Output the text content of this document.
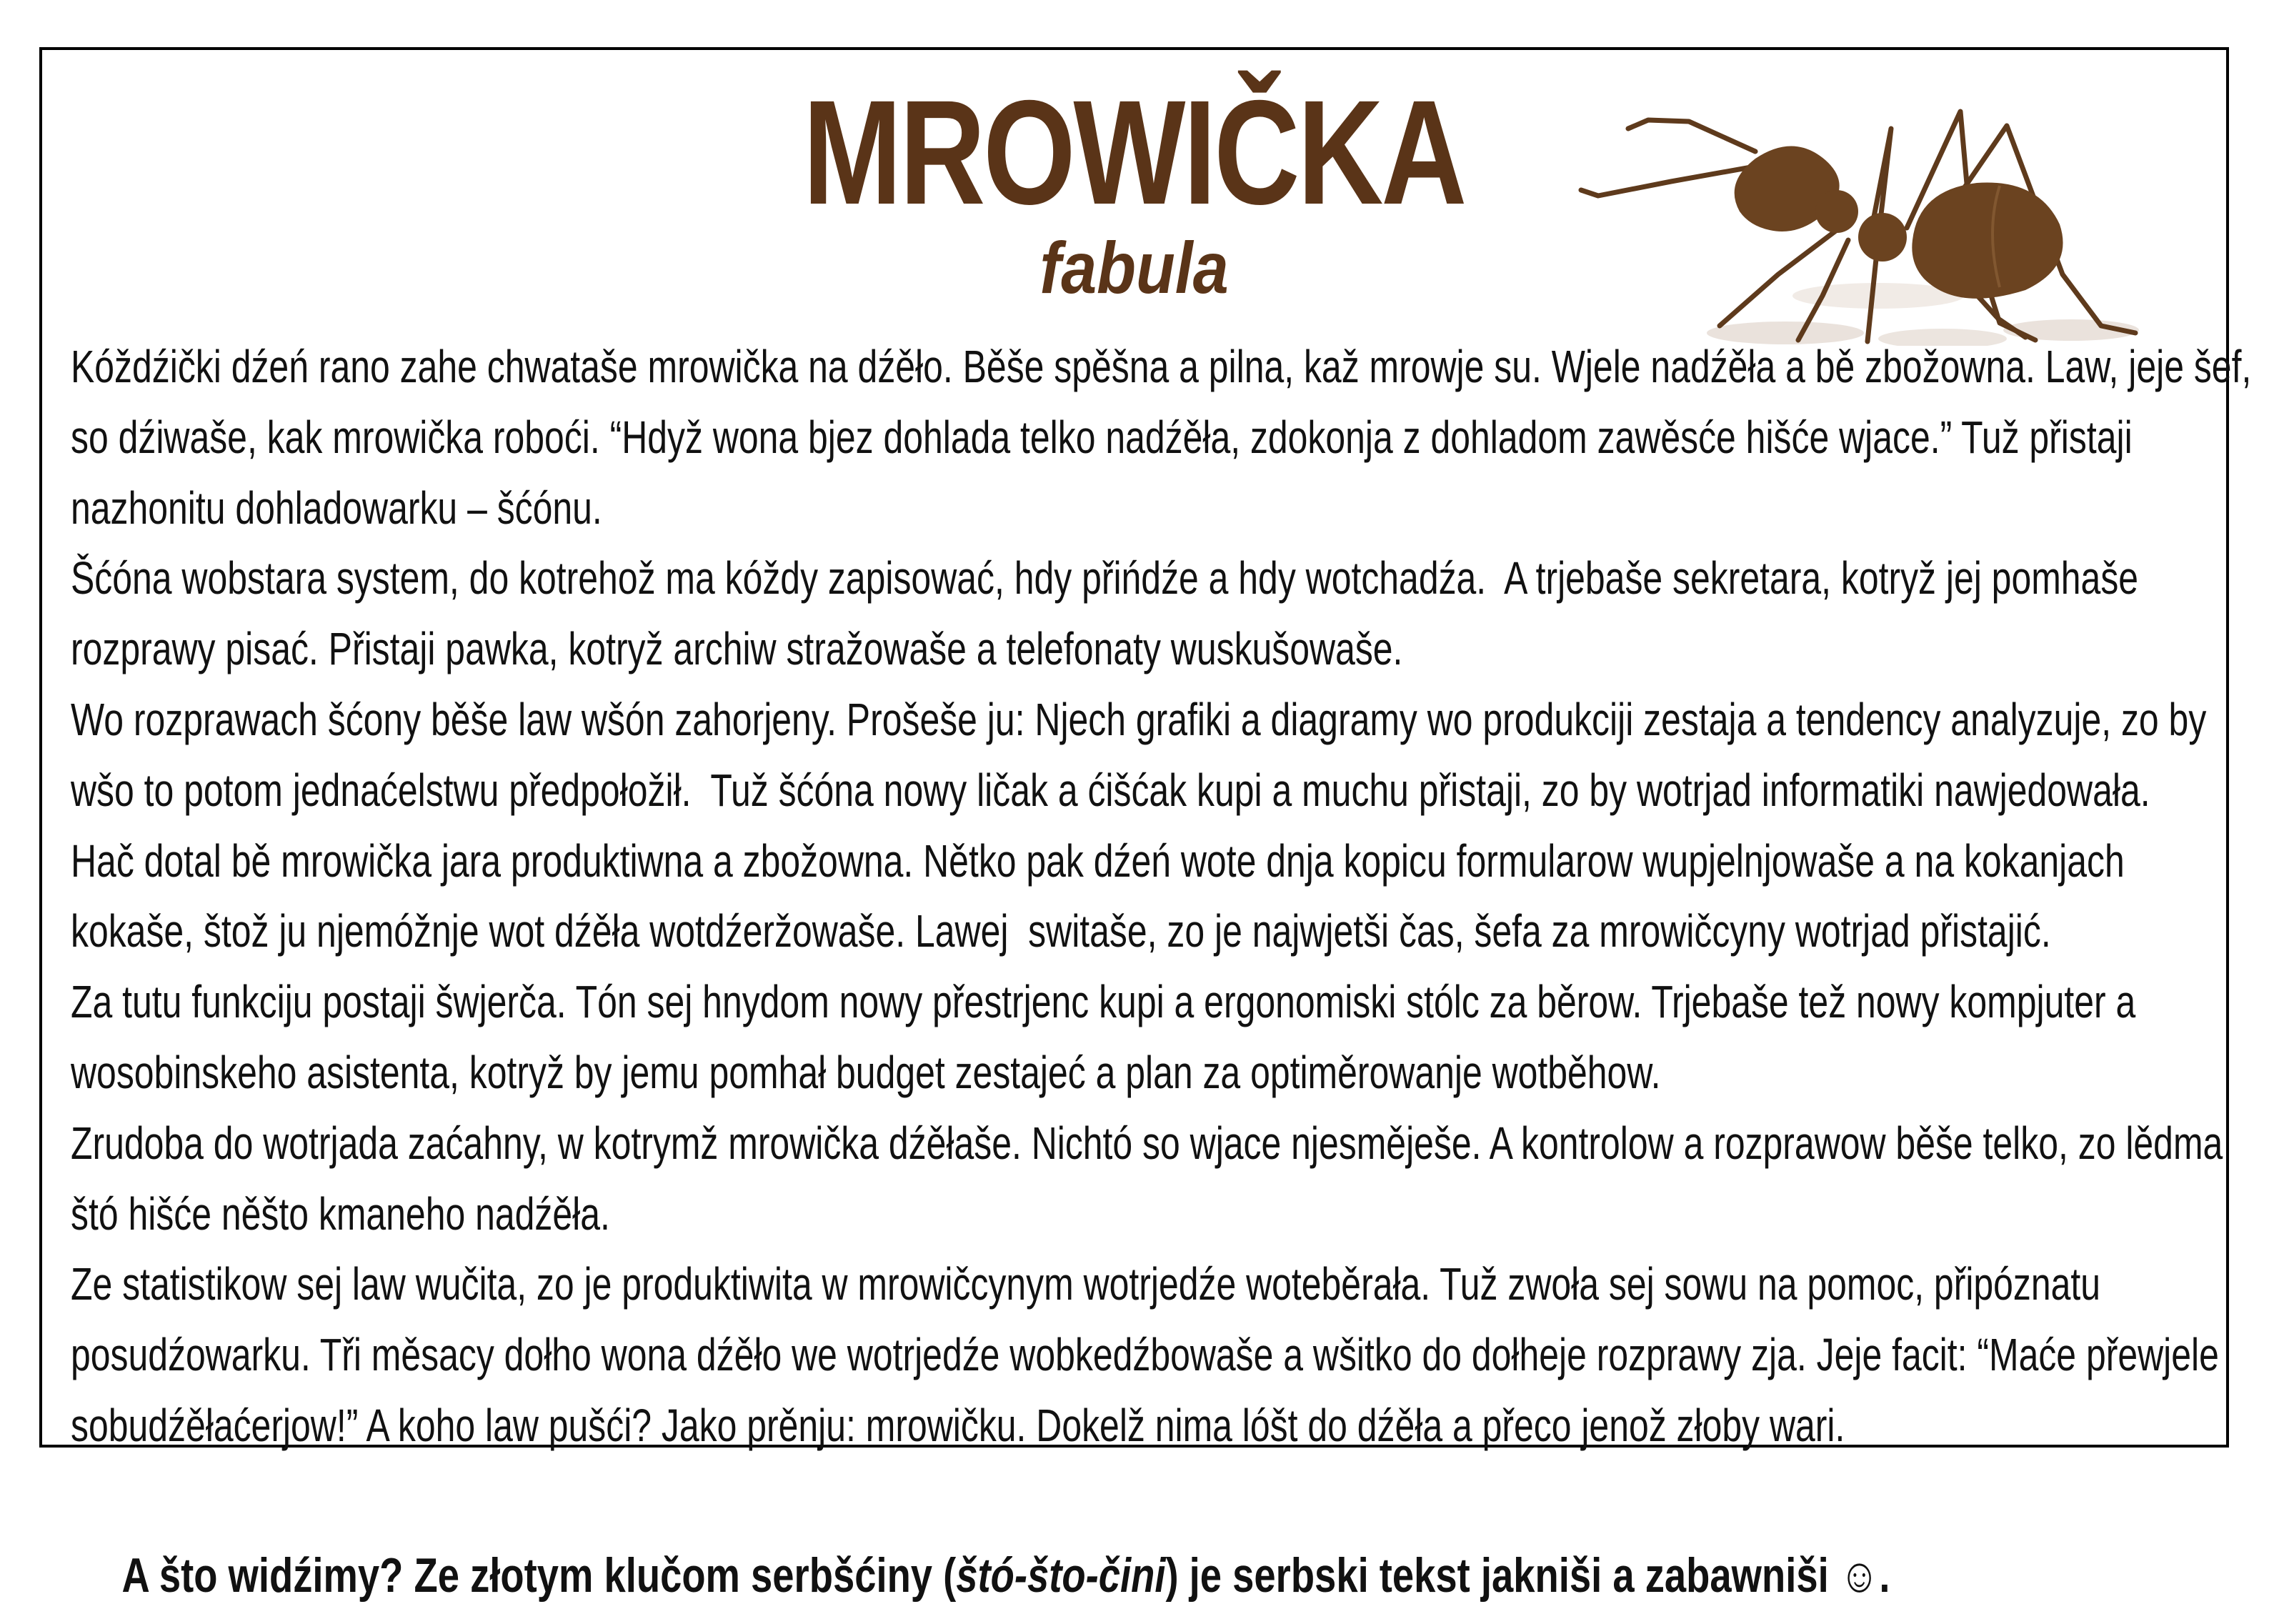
MROWIČKA
fabula
Kóždźički dźeń rano zahe chwataše mrowička na dźěło. Běše spěšna a pilna, kaž mrowje su. Wjele nadźěła a bě zbožowna. Law, jeje šef,
so dźiwaše, kak mrowička roboći. “Hdyž wona bjez dohlada telko nadźěła, zdokonja z dohladom zawěsće hišće wjace.” Tuž přistaji
nazhonitu dohladowarku – šćónu.
Šćóna wobstara system, do kotrehož ma kóždy zapisować, hdy přińdźe a hdy wotchadźa.  A trjebaše sekretara, kotryž jej pomhaše
rozprawy pisać. Přistaji pawka, kotryž archiw stražowaše a telefonaty wuskušowaše.
Wo rozprawach šćony běše law wšón zahorjeny. Prošeše ju: Njech grafiki a diagramy wo produkciji zestaja a tendency analyzuje, zo by
wšo to potom jednaćelstwu předpołožił.  Tuž šćóna nowy ličak a ćišćak kupi a muchu přistaji, zo by wotrjad informatiki nawjedowała.
Hač dotal bě mrowička jara produktiwna a zbožowna. Nětko pak dźeń wote dnja kopicu formularow wupjelnjowaše a na kokanjach
kokaše, štož ju njemóžnje wot dźěła wotdźeržowaše. Lawej  switaše, zo je najwjetši čas, šefa za mrowičcyny wotrjad přistajić.
Za tutu funkciju postaji šwjerča. Tón sej hnydom nowy přestrjenc kupi a ergonomiski stólc za běrow. Trjebaše tež nowy kompjuter a
wosobinskeho asistenta, kotryž by jemu pomhał budget zestajeć a plan za optiměrowanje wotběhow.
Zrudoba do wotrjada zaćahny, w kotrymž mrowička dźěłaše. Nichtó so wjace njesměješe. A kontrolow a rozprawow běše telko, zo lědma
štó hišće něšto kmaneho nadźěła.
Ze statistikow sej law wučita, zo je produktiwita w mrowičcynym wotrjedźe woteběrała. Tuž zwoła sej sowu na pomoc, připóznatu
posudźowarku. Tři měsacy dołho wona dźěło we wotrjedźe wobkedźbowaše a wšitko do dołheje rozprawy zja. Jeje facit: “Maće přewjele
sobudźěłaćerjow!” A koho law pušći? Jako prěnju: mrowičku. Dokelž nima lóšt do dźěła a přeco jenož złoby wari.

A što widźimy? Ze złotym klučom serbšćiny (štó-što-čini) je serbski tekst jakniši a zabawniši ☺.
